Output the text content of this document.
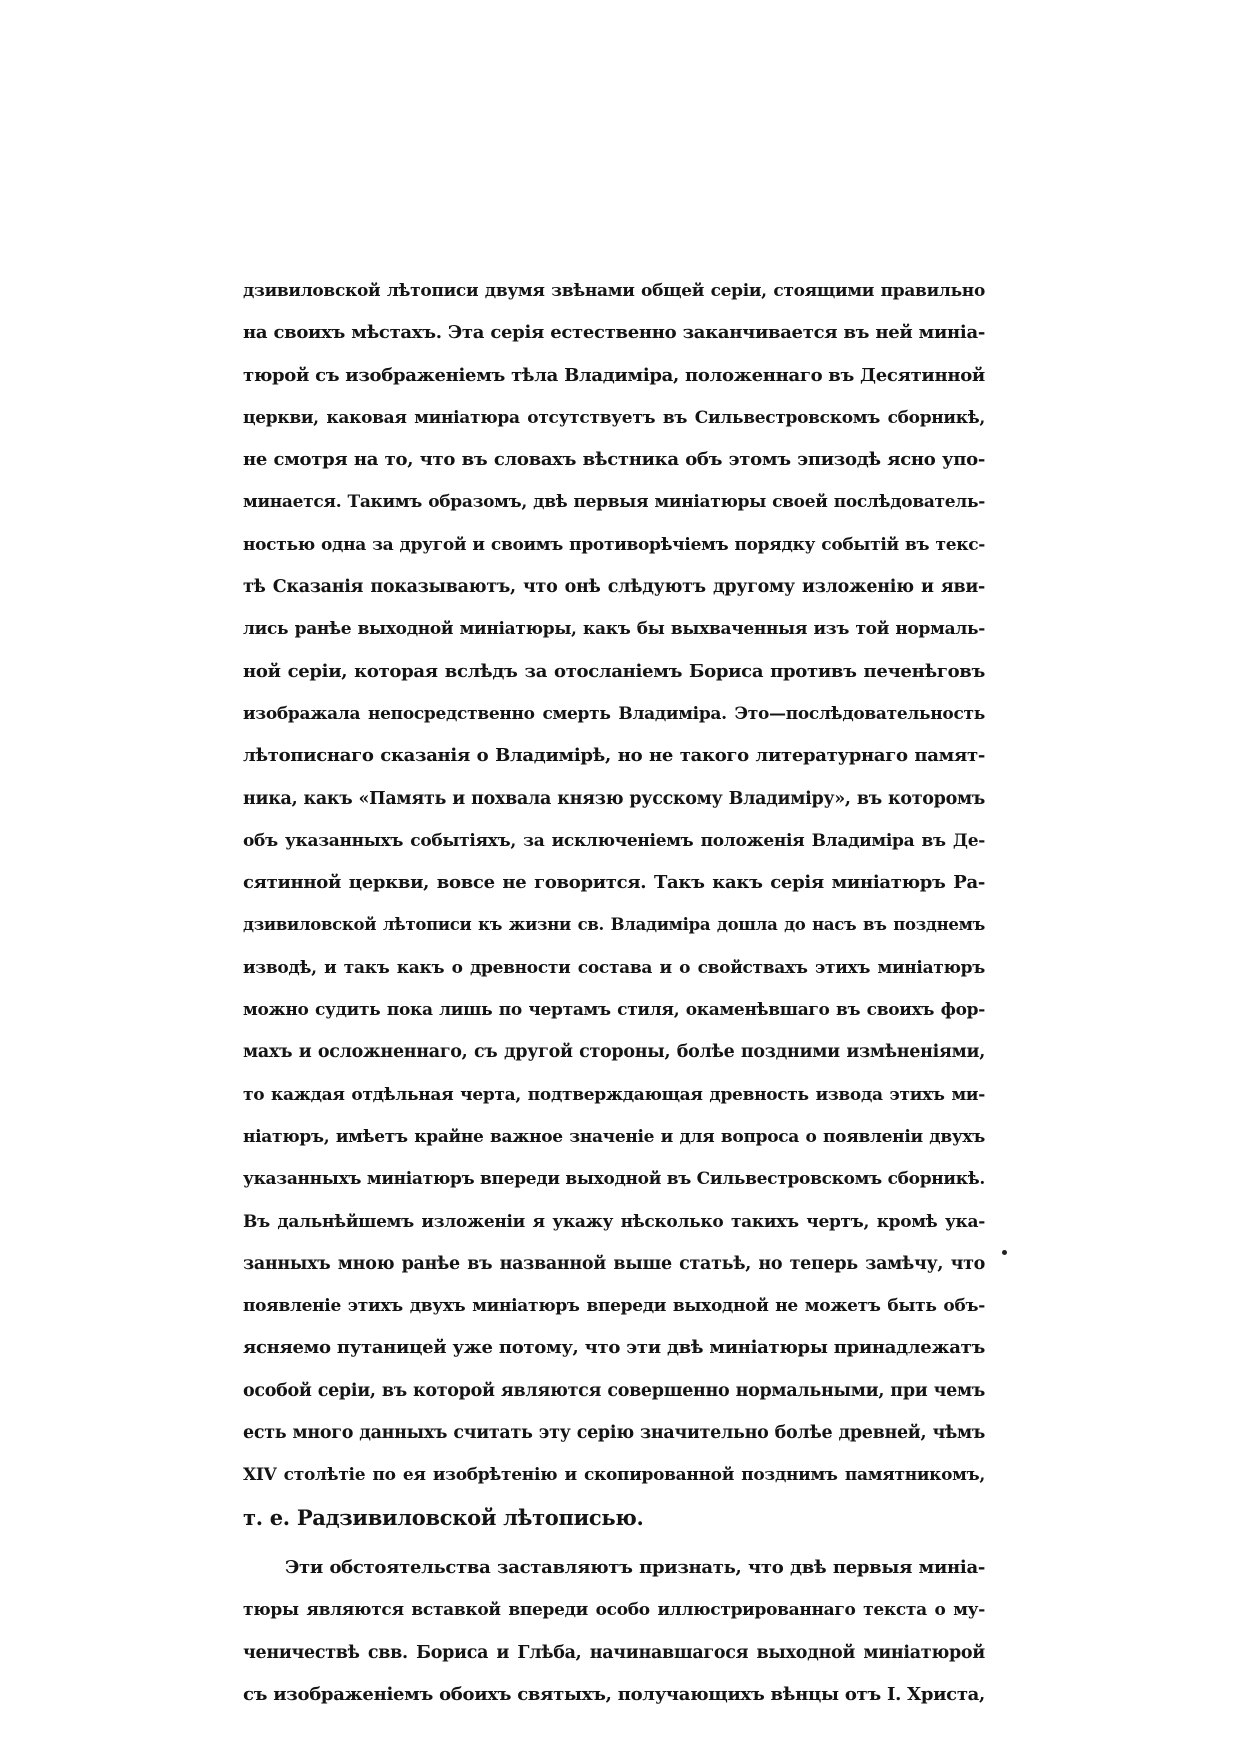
дзивиловской лѣтописи двумя звѣнами общей серіи, стоящими правильно
на своихъ мѣстахъ. Эта серія естественно заканчивается въ ней миніа-
тюрой съ изображеніемъ тѣла Владиміра, положеннаго въ Десятинной
церкви, каковая миніатюра отсутствуетъ въ Сильвестровскомъ сборникѣ,
не смотря на то, что въ словахъ вѣстника объ этомъ эпизодѣ ясно упо-
минается. Такимъ образомъ, двѣ первыя миніатюры своей послѣдователь-
ностью одна за другой и своимъ противорѣчіемъ порядку событій въ текс-
тѣ Сказанія показываютъ, что онѣ слѣдуютъ другому изложенію и яви-
лись ранѣе выходной миніатюры, какъ бы выхваченныя изъ той нормаль-
ной серіи, которая вслѣдъ за отосланіемъ Бориса противъ печенѣговъ
изображала непосредственно смерть Владиміра. Это—послѣдовательность
лѣтописнаго сказанія о Владимірѣ, но не такого литературнаго памят-
ника, какъ «Память и похвала князю русскому Владиміру», въ которомъ
объ указанныхъ событіяхъ, за исключеніемъ положенія Владиміра въ Де-
сятинной церкви, вовсе не говорится. Такъ какъ серія миніатюръ Ра-
дзивиловской лѣтописи къ жизни св. Владиміра дошла до насъ въ позднемъ
изводѣ, и такъ какъ о древности состава и о свойствахъ этихъ миніатюръ
можно судить пока лишь по чертамъ стиля, окаменѣвшаго въ своихъ фор-
махъ и осложненнаго, съ другой стороны, болѣе поздними измѣненіями,
то каждая отдѣльная черта, подтверждающая древность извода этихъ ми-
ніатюръ, имѣетъ крайне важное значеніе и для вопроса о появленіи двухъ
указанныхъ миніатюръ впереди выходной въ Сильвестровскомъ сборникѣ.
Въ дальнѣйшемъ изложеніи я укажу нѣсколько такихъ чертъ, кромѣ ука-
занныхъ мною ранѣе въ названной выше статьѣ, но теперь замѣчу, что
появленіе этихъ двухъ миніатюръ впереди выходной не можетъ быть объ-
ясняемо путаницей уже потому, что эти двѣ миніатюры принадлежатъ
особой серіи, въ которой являются совершенно нормальными, при чемъ
есть много данныхъ считать эту серію значительно болѣе древней, чѣмъ
XIV столѣтіе по ея изобрѣтенію и скопированной позднимъ памятникомъ,
т. е. Радзивиловской лѣтописью.
Эти обстоятельства заставляютъ признать, что двѣ первыя миніа-
тюры являются вставкой впереди особо иллюстрированнаго текста о му-
ченичествѣ свв. Бориса и Глѣба, начинавшагося выходной миніатюрой
съ изображеніемъ обоихъ святыхъ, получающихъ вѣнцы отъ І. Христа,
